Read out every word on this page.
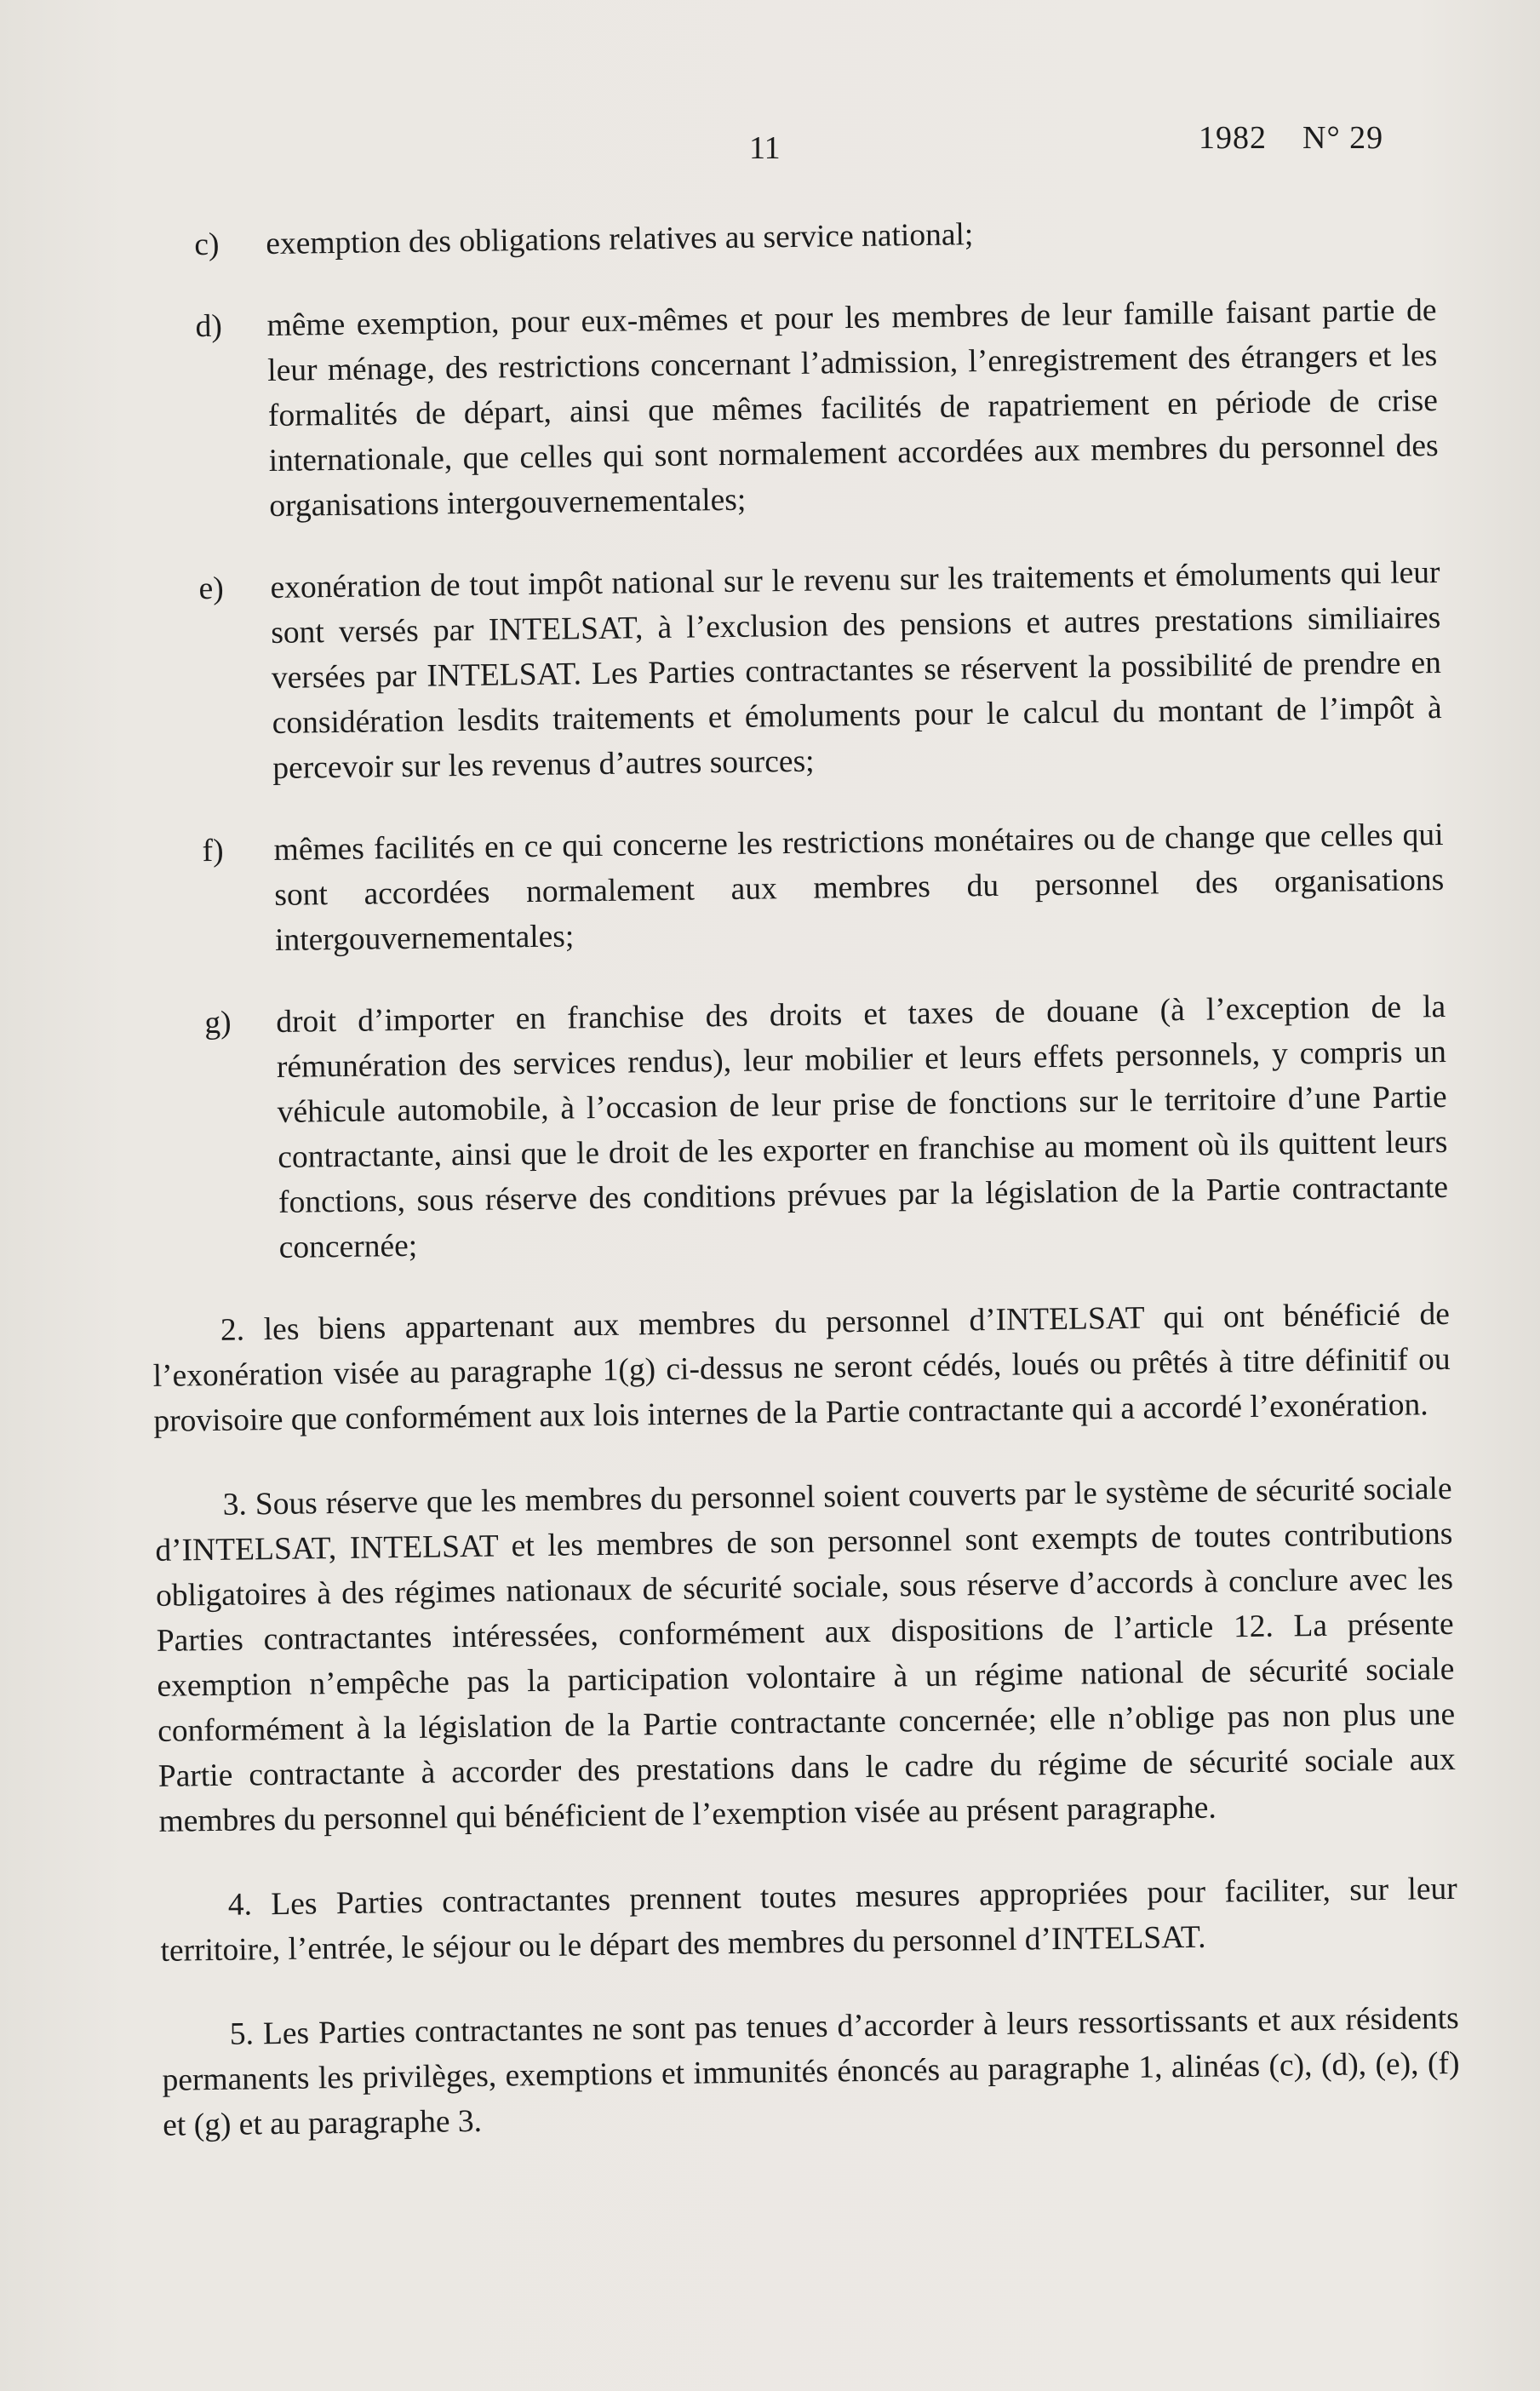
11	1982    N° 29
c) exemption des obligations relatives au service national;

d) même exemption, pour eux-mêmes et pour les membres de leur famille faisant partie de leur ménage, des restrictions concernant l’admission, l’enregistrement des étrangers et les formalités de départ, ainsi que mêmes facilités de rapatriement en période de crise internationale, que celles qui sont normalement accordées aux membres du personnel des organisations intergouvernementales;

e) exonération de tout impôt national sur le revenu sur les traitements et émoluments qui leur sont versés par INTELSAT, à l’exclusion des pensions et autres prestations similiaires versées par INTELSAT. Les Parties contractantes se réservent la possibilité de prendre en considération lesdits traitements et émoluments pour le calcul du montant de l’impôt à percevoir sur les revenus d’autres sources;

f) mêmes facilités en ce qui concerne les restrictions monétaires ou de change que celles qui sont accordées normalement aux membres du personnel des organisations intergouvernementales;

g) droit d’importer en franchise des droits et taxes de douane (à l’exception de la rémunération des services rendus), leur mobilier et leurs effets personnels, y compris un véhicule automobile, à l’occasion de leur prise de fonctions sur le territoire d’une Partie contractante, ainsi que le droit de les exporter en franchise au moment où ils quittent leurs fonctions, sous réserve des conditions prévues par la législation de la Partie contractante concernée;

2. les biens appartenant aux membres du personnel d’INTELSAT qui ont bénéficié de l’exonération visée au paragraphe 1(g) ci-dessus ne seront cédés, loués ou prêtés à titre définitif ou provisoire que conformément aux lois internes de la Partie contractante qui a accordé l’exonération.

3. Sous réserve que les membres du personnel soient couverts par le système de sécurité sociale d’INTELSAT, INTELSAT et les membres de son personnel sont exempts de toutes contributions obligatoires à des régimes nationaux de sécurité sociale, sous réserve d’accords à conclure avec les Parties contractantes intéressées, conformément aux dispositions de l’article 12. La présente exemption n’empêche pas la participation volontaire à un régime national de sécurité sociale conformément à la législation de la Partie contractante concernée; elle n’oblige pas non plus une Partie contractante à accorder des prestations dans le cadre du régime de sécurité sociale aux membres du personnel qui bénéficient de l’exemption visée au présent paragraphe.

4. Les Parties contractantes prennent toutes mesures appropriées pour faciliter, sur leur territoire, l’entrée, le séjour ou le départ des membres du personnel d’INTELSAT.

5. Les Parties contractantes ne sont pas tenues d’accorder à leurs ressortissants et aux résidents permanents les privilèges, exemptions et immunités énoncés au paragraphe 1, alinéas (c), (d), (e), (f) et (g) et au paragraphe 3.
